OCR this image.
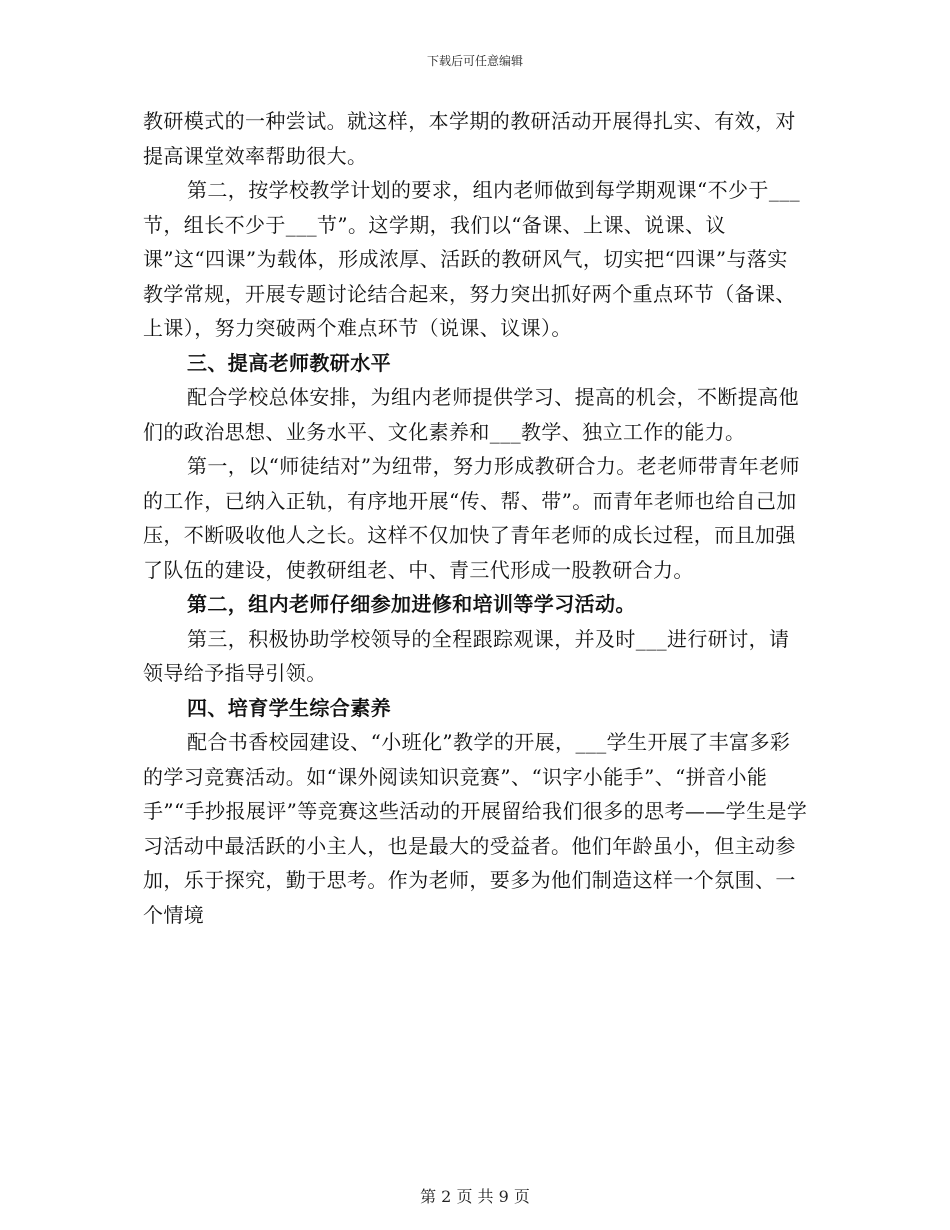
下载后可任意编辑

教研模式的一种尝试。就这样，本学期的教研活动开展得扎实、有效，对提高课堂效率帮助很大。

第二，按学校教学计划的要求，组内老师做到每学期观课“不少于___节，组长不少于___节”。这学期，我们以“备课、上课、说课、议课”这“四课”为载体，形成浓厚、活跃的教研风气，切实把“四课”与落实教学常规，开展专题讨论结合起来，努力突出抓好两个重点环节（备课、上课），努力突破两个难点环节（说课、议课）。

三、提高老师教研水平

配合学校总体安排，为组内老师提供学习、提高的机会，不断提高他们的政治思想、业务水平、文化素养和___教学、独立工作的能力。

第一，以“师徒结对”为纽带，努力形成教研合力。老老师带青年老师的工作，已纳入正轨，有序地开展“传、帮、带”。而青年老师也给自己加压，不断吸收他人之长。这样不仅加快了青年老师的成长过程，而且加强了队伍的建设，使教研组老、中、青三代形成一股教研合力。

第二，组内老师仔细参加进修和培训等学习活动。

第三，积极协助学校领导的全程跟踪观课，并及时___进行研讨，请领导给予指导引领。

四、培育学生综合素养

配合书香校园建设、“小班化”教学的开展，___学生开展了丰富多彩的学习竞赛活动。如“课外阅读知识竞赛”、“识字小能手”、“拼音小能手”“手抄报展评”等竞赛这些活动的开展留给我们很多的思考——学生是学习活动中最活跃的小主人，也是最大的受益者。他们年龄虽小，但主动参加，乐于探究，勤于思考。作为老师，要多为他们制造这样一个氛围、一个情境

第 2 页 共 9 页
